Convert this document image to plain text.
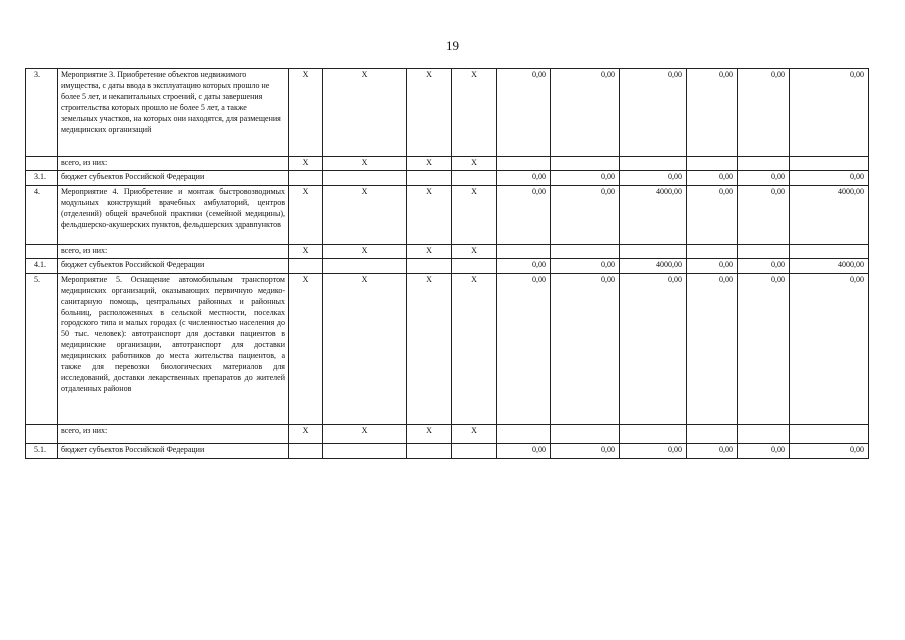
19
3.	Мероприятие 3. Приобретение объектов недвижимого имущества, с даты ввода в эксплуатацию которых прошло не более 5 лет, и некапитальных строений, с даты завершения строительства которых прошло не более 5 лет, а также земельных участков, на которых они находятся, для размещения медицинских организаций	X	X	X	X	0,00	0,00	0,00	0,00	0,00	0,00
	всего, из них:	X	X	X	X						
3.1.	бюджет субъектов Российской Федерации					0,00	0,00	0,00	0,00	0,00	0,00
4.	Мероприятие 4. Приобретение и монтаж быстровозводимых модульных конструкций врачебных амбулаторий, центров (отделений) общей врачебной практики (семейной медицины), фельдшерско-акушерских пунктов, фельдшерских здравпунктов	X	X	X	X	0,00	0,00	4000,00	0,00	0,00	4000,00
	всего, из них:	X	X	X	X						
4.1.	бюджет субъектов Российской Федерации					0,00	0,00	4000,00	0,00	0,00	4000,00
5.	Мероприятие 5. Оснащение автомобильным транспортом медицинских организаций, оказывающих первичную медико-санитарную помощь, центральных районных и районных больниц, расположенных в сельской местности, поселках городского типа и малых городах (с численностью населения до 50 тыс. человек): автотранспорт для доставки пациентов в медицинские организации, автотранспорт для доставки медицинских работников до места жительства пациентов, а также для перевозки биологических материалов для исследований, доставки лекарственных препаратов до жителей отдаленных районов	X	X	X	X	0,00	0,00	0,00	0,00	0,00	0,00
	всего, из них:	X	X	X	X						
5.1.	бюджет субъектов Российской Федерации					0,00	0,00	0,00	0,00	0,00	0,00
